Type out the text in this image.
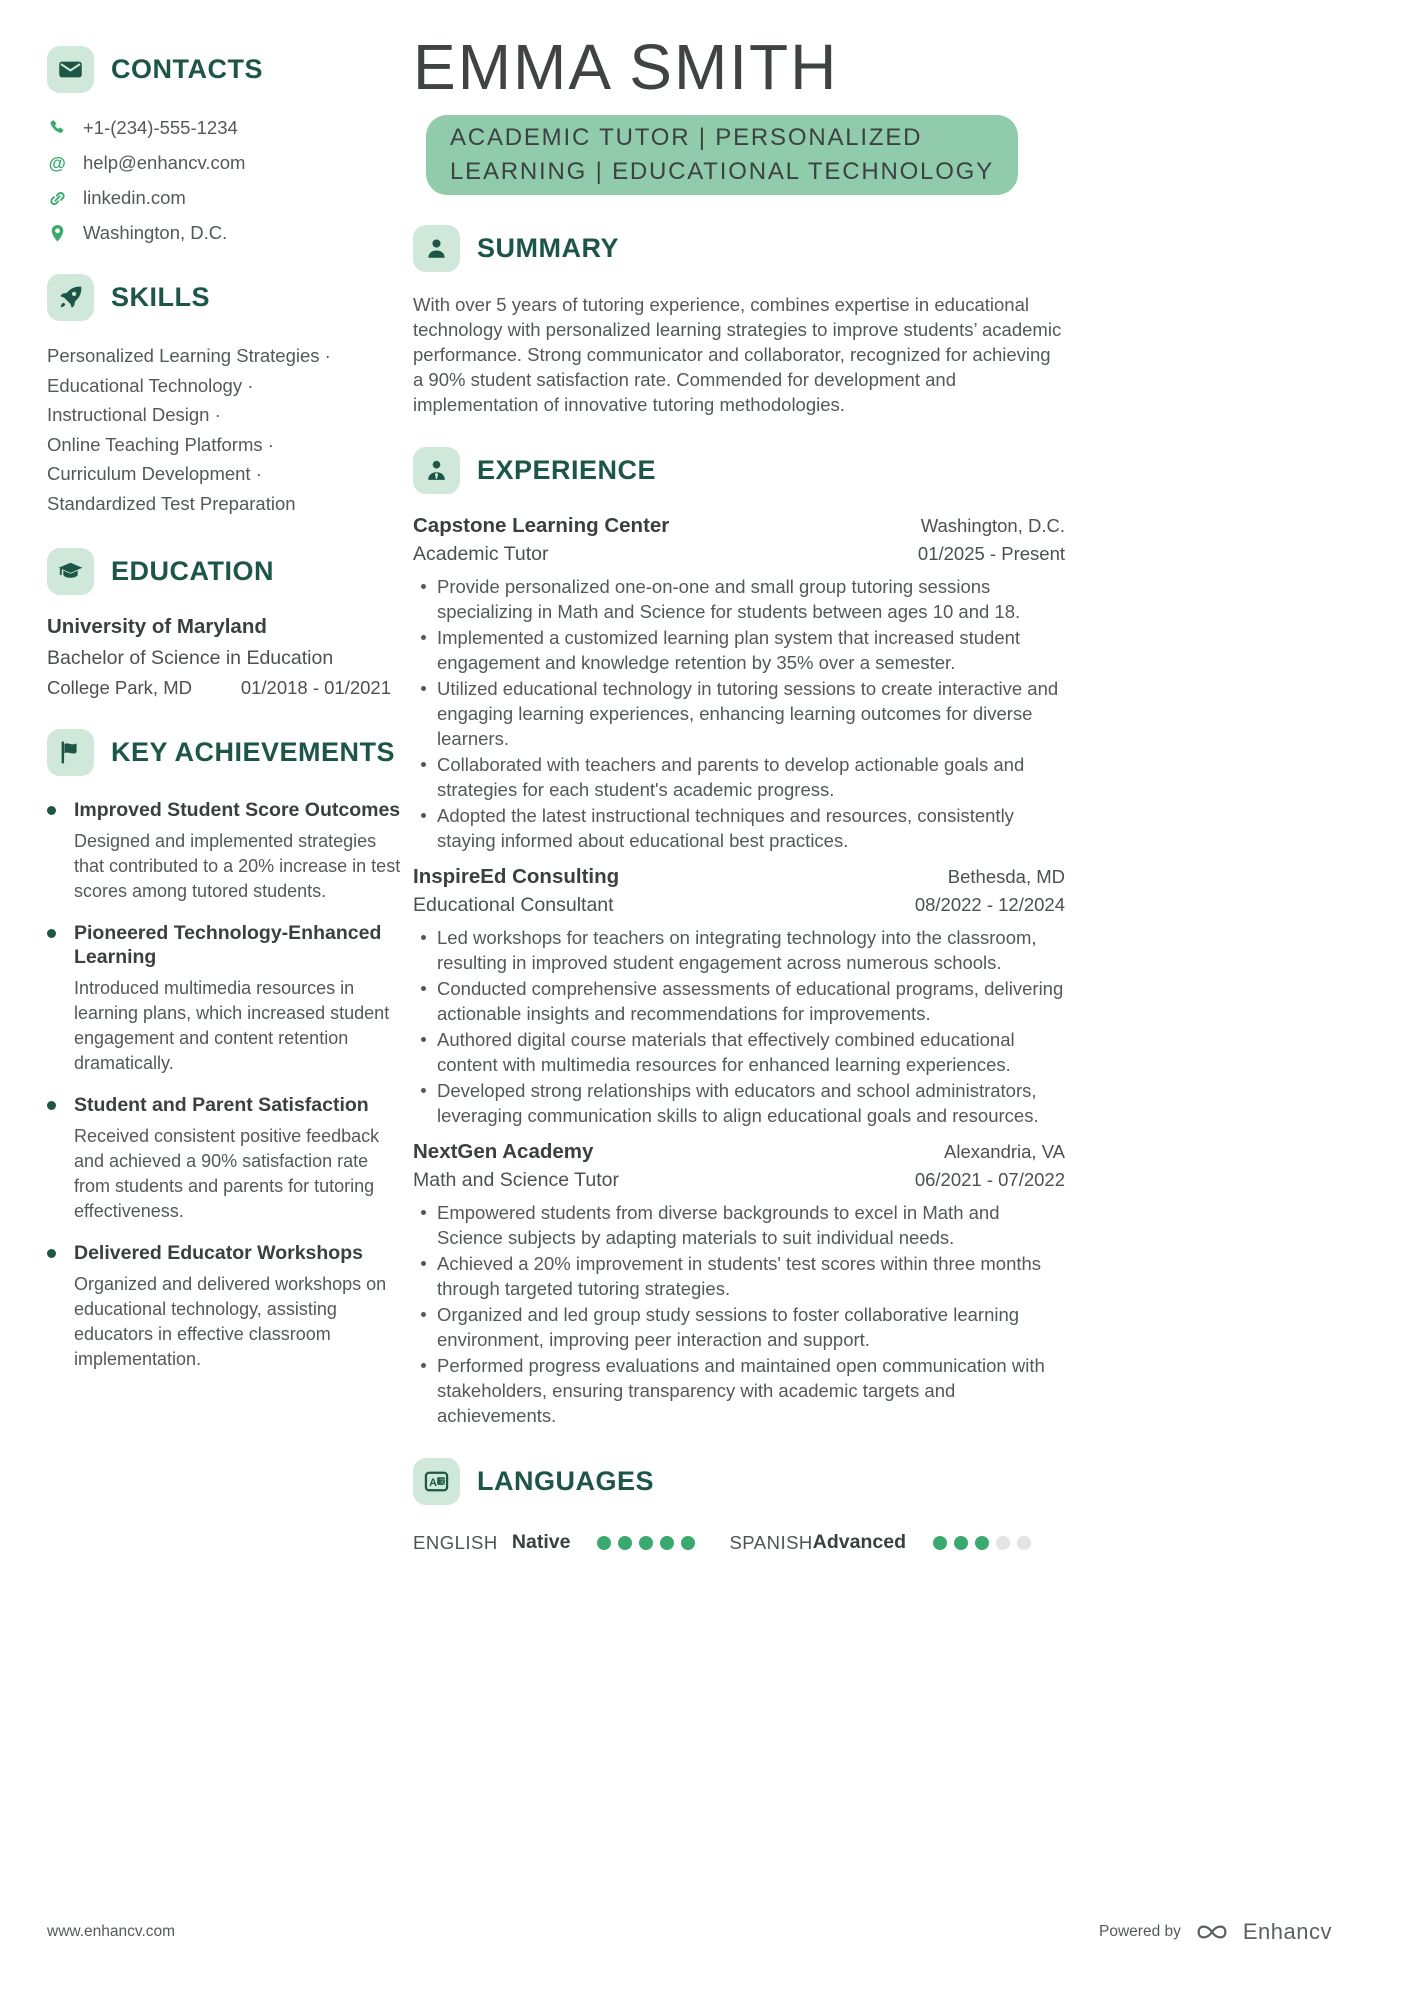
CONTACTS
+1-(234)-555-1234
help@enhancv.com
linkedin.com
Washington, D.C.
SKILLS
Personalized Learning Strategies ·
Educational Technology ·
Instructional Design ·
Online Teaching Platforms ·
Curriculum Development ·
Standardized Test Preparation
EDUCATION
University of Maryland
Bachelor of Science in Education
College Park, MD	01/2018 - 01/2021
KEY ACHIEVEMENTS
Improved Student Score Outcomes
Designed and implemented strategies that contributed to a 20% increase in test scores among tutored students.
Pioneered Technology-Enhanced Learning
Introduced multimedia resources in learning plans, which increased student engagement and content retention dramatically.
Student and Parent Satisfaction
Received consistent positive feedback and achieved a 90% satisfaction rate from students and parents for tutoring effectiveness.
Delivered Educator Workshops
Organized and delivered workshops on educational technology, assisting educators in effective classroom implementation.
EMMA SMITH
ACADEMIC TUTOR | PERSONALIZED
LEARNING | EDUCATIONAL TECHNOLOGY
SUMMARY

With over 5 years of tutoring experience, combines expertise in educational technology with personalized learning strategies to improve students’ academic performance. Strong communicator and collaborator, recognized for achieving a 90% student satisfaction rate. Commended for development and implementation of innovative tutoring methodologies.

EXPERIENCE
Capstone Learning Center	Washington, D.C.
Academic Tutor	01/2025 - Present
Provide personalized one-on-one and small group tutoring sessions specializing in Math and Science for students between ages 10 and 18.
Implemented a customized learning plan system that increased student engagement and knowledge retention by 35% over a semester.
Utilized educational technology in tutoring sessions to create interactive and engaging learning experiences, enhancing learning outcomes for diverse learners.
Collaborated with teachers and parents to develop actionable goals and strategies for each student's academic progress.
Adopted the latest instructional techniques and resources, consistently staying informed about educational best practices.
InspireEd Consulting	Bethesda, MD
Educational Consultant	08/2022 - 12/2024
Led workshops for teachers on integrating technology into the classroom, resulting in improved student engagement across numerous schools.
Conducted comprehensive assessments of educational programs, delivering actionable insights and recommendations for improvements.
Authored digital course materials that effectively combined educational content with multimedia resources for enhanced learning experiences.
Developed strong relationships with educators and school administrators, leveraging communication skills to align educational goals and resources.
NextGen Academy	Alexandria, VA
Math and Science Tutor	06/2021 - 07/2022
Empowered students from diverse backgrounds to excel in Math and Science subjects by adapting materials to suit individual needs.
Achieved a 20% improvement in students' test scores within three months through targeted tutoring strategies.
Organized and led group study sessions to foster collaborative learning environment, improving peer interaction and support.
Performed progress evaluations and maintained open communication with stakeholders, ensuring transparency with academic targets and achievements.
A 文 LANGUAGES
ENGLISH Native	SPANISH Advanced
www.enhancv.com	Powered by	Enhancv
